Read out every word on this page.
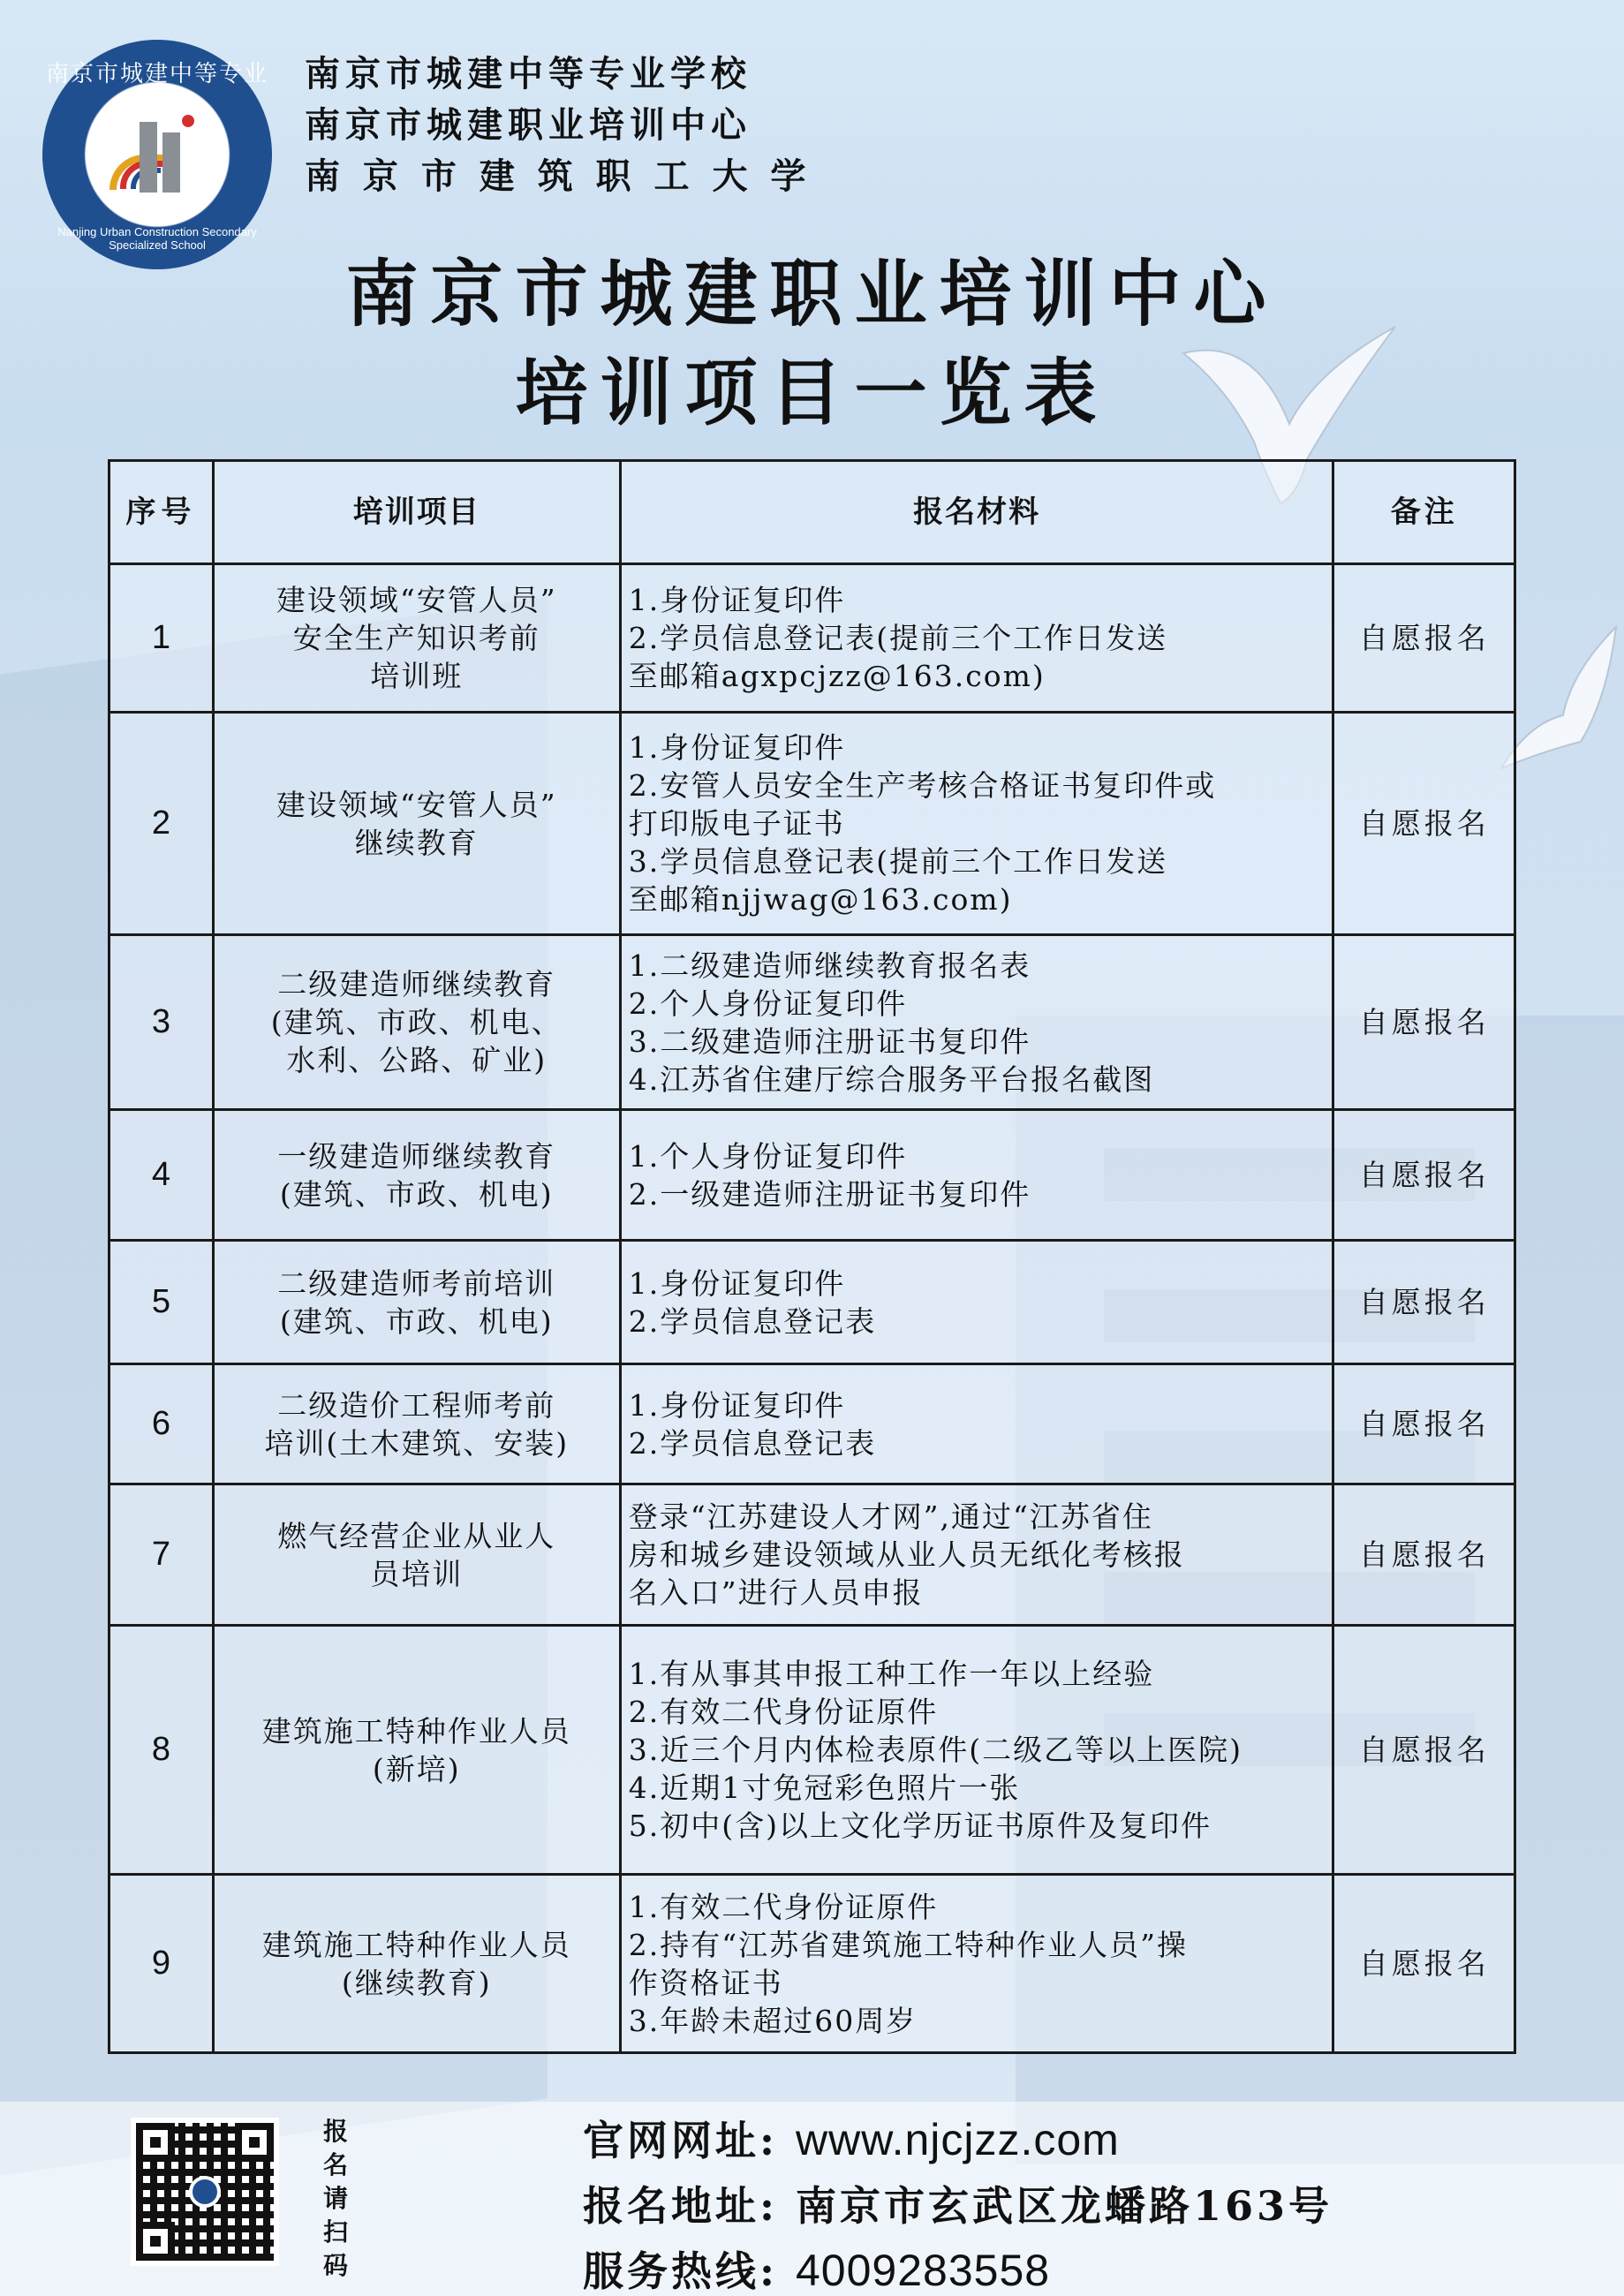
南京市城建中等专业学校
Nanjing Urban Construction Secondary Specialized School
南京市城建中等专业学校
南京市城建职业培训中心
南 京 市 建 筑 职 工 大 学
南京市城建职业培训中心
培训项目一览表
序号	培训项目	报名材料	备注
1	建设领域“安管人员”
安全生产知识考前
培训班	1.身份证复印件
2.学员信息登记表(提前三个工作日发送
至邮箱agxpcjzz@163.com)	自愿报名
2	建设领域“安管人员”
继续教育	1.身份证复印件
2.安管人员安全生产考核合格证书复印件或
打印版电子证书
3.学员信息登记表(提前三个工作日发送
至邮箱njjwag@163.com)	自愿报名
3	二级建造师继续教育
(建筑、市政、机电、
水利、公路、矿业)	1.二级建造师继续教育报名表
2.个人身份证复印件
3.二级建造师注册证书复印件
4.江苏省住建厅综合服务平台报名截图	自愿报名
4	一级建造师继续教育
(建筑、市政、机电)	1.个人身份证复印件
2.一级建造师注册证书复印件	自愿报名
5	二级建造师考前培训
(建筑、市政、机电)	1.身份证复印件
2.学员信息登记表	自愿报名
6	二级造价工程师考前
培训(土木建筑、安装)	1.身份证复印件
2.学员信息登记表	自愿报名
7	燃气经营企业从业人
员培训	登录“江苏建设人才网”,通过“江苏省住
房和城乡建设领域从业人员无纸化考核报
名入口”进行人员申报	自愿报名
8	建筑施工特种作业人员
(新培)	1.有从事其申报工种工作一年以上经验
2.有效二代身份证原件
3.近三个月内体检表原件(二级乙等以上医院)
4.近期1寸免冠彩色照片一张
5.初中(含)以上文化学历证书原件及复印件	自愿报名
9	建筑施工特种作业人员
(继续教育)	1.有效二代身份证原件
2.持有“江苏省建筑施工特种作业人员”操
作资格证书
3.年龄未超过60周岁	自愿报名
报
名
请
扫
码
官网网址: www.njcjzz.com
报名地址: 南京市玄武区龙蟠路163号
服务热线: 4009283558
